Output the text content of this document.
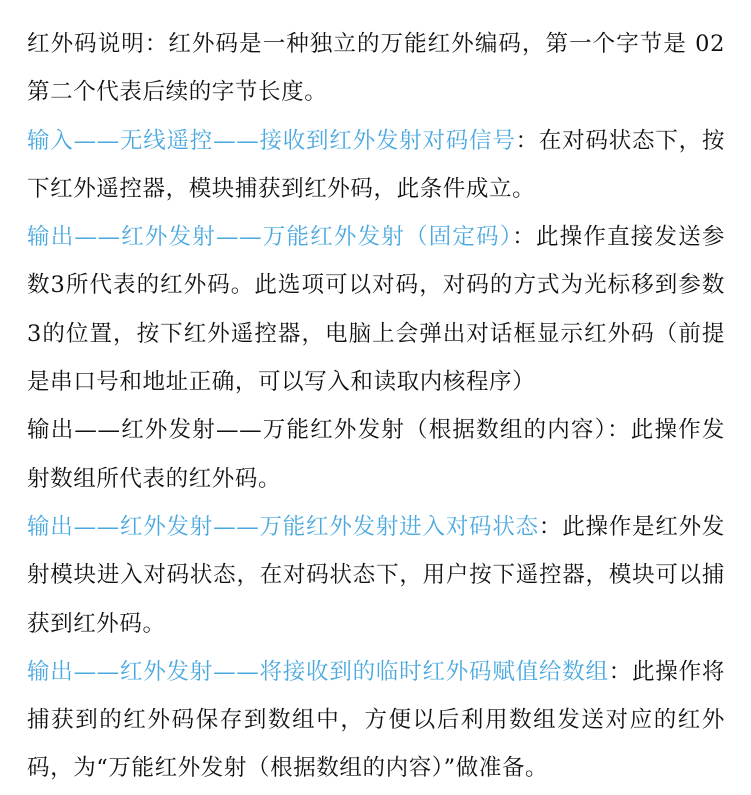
红外码说明：红外码是一种独立的万能红外编码，第一个字节是 02 第二个代表后续的字节长度。

输入——无线遥控——接收到红外发射对码信号：在对码状态下，按下红外遥控器，模块捕获到红外码，此条件成立。

输出——红外发射——万能红外发射（固定码）：此操作直接发送参数3所代表的红外码。此选项可以对码，对码的方式为光标移到参数3的位置，按下红外遥控器，电脑上会弹出对话框显示红外码（前提是串口号和地址正确，可以写入和读取内核程序）

输出——红外发射——万能红外发射（根据数组的内容）：此操作发射数组所代表的红外码。

输出——红外发射——万能红外发射进入对码状态：此操作是红外发射模块进入对码状态，在对码状态下，用户按下遥控器，模块可以捕获到红外码。

输出——红外发射——将接收到的临时红外码赋值给数组：此操作将捕获到的红外码保存到数组中，方便以后利用数组发送对应的红外码，为“万能红外发射（根据数组的内容）”做准备。
